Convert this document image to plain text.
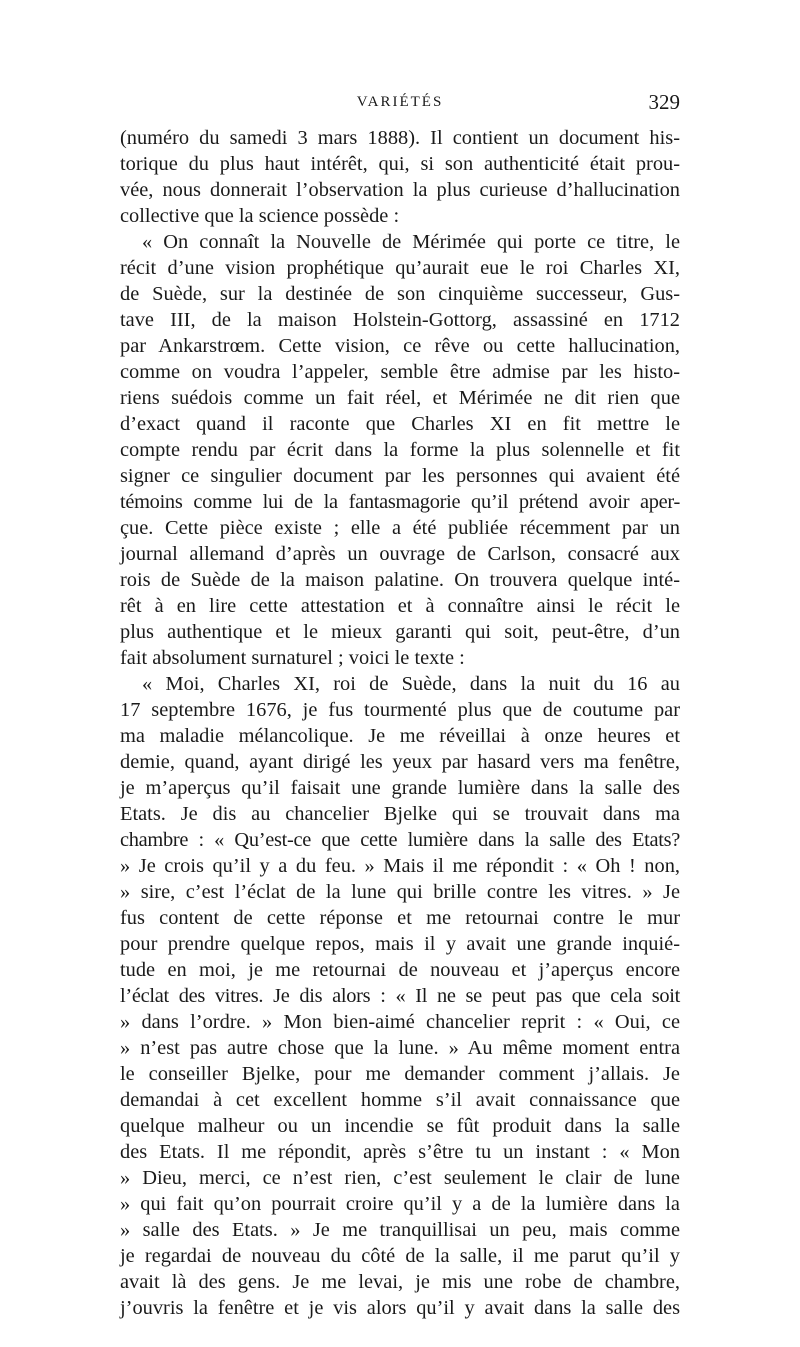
VARIÉTÉS	329
(numéro du samedi 3 mars 1888). Il contient un document his-
torique du plus haut intérêt, qui, si son authenticité était prou-
vée, nous donnerait l’observation la plus curieuse d’hallucination
collective que la science possède :
« On connaît la Nouvelle de Mérimée qui porte ce titre, le
récit d’une vision prophétique qu’aurait eue le roi Charles XI,
de Suède, sur la destinée de son cinquième successeur, Gus-
tave III, de la maison Holstein-Gottorg, assassiné en 1712
par Ankarstrœm. Cette vision, ce rêve ou cette hallucination,
comme on voudra l’appeler, semble être admise par les histo-
riens suédois comme un fait réel, et Mérimée ne dit rien que
d’exact quand il raconte que Charles XI en fit mettre le
compte rendu par écrit dans la forme la plus solennelle et fit
signer ce singulier document par les personnes qui avaient été
témoins comme lui de la fantasmagorie qu’il prétend avoir aper-
çue. Cette pièce existe ; elle a été publiée récemment par un
journal allemand d’après un ouvrage de Carlson, consacré aux
rois de Suède de la maison palatine. On trouvera quelque inté-
rêt à en lire cette attestation et à connaître ainsi le récit le
plus authentique et le mieux garanti qui soit, peut-être, d’un
fait absolument surnaturel ; voici le texte :
« Moi, Charles XI, roi de Suède, dans la nuit du 16 au
17 septembre 1676, je fus tourmenté plus que de coutume par
ma maladie mélancolique. Je me réveillai à onze heures et
demie, quand, ayant dirigé les yeux par hasard vers ma fenêtre,
je m’aperçus qu’il faisait une grande lumière dans la salle des
Etats. Je dis au chancelier Bjelke qui se trouvait dans ma
chambre : « Qu’est-ce que cette lumière dans la salle des Etats?
» Je crois qu’il y a du feu. » Mais il me répondit : « Oh ! non,
» sire, c’est l’éclat de la lune qui brille contre les vitres. » Je
fus content de cette réponse et me retournai contre le mur
pour prendre quelque repos, mais il y avait une grande inquié-
tude en moi, je me retournai de nouveau et j’aperçus encore
l’éclat des vitres. Je dis alors : « Il ne se peut pas que cela soit
» dans l’ordre. » Mon bien-aimé chancelier reprit : « Oui, ce
» n’est pas autre chose que la lune. » Au même moment entra
le conseiller Bjelke, pour me demander comment j’allais. Je
demandai à cet excellent homme s’il avait connaissance que
quelque malheur ou un incendie se fût produit dans la salle
des Etats. Il me répondit, après s’être tu un instant : « Mon
» Dieu, merci, ce n’est rien, c’est seulement le clair de lune
» qui fait qu’on pourrait croire qu’il y a de la lumière dans la
» salle des Etats. » Je me tranquillisai un peu, mais comme
je regardai de nouveau du côté de la salle, il me parut qu’il y
avait là des gens. Je me levai, je mis une robe de chambre,
j’ouvris la fenêtre et je vis alors qu’il y avait dans la salle des
